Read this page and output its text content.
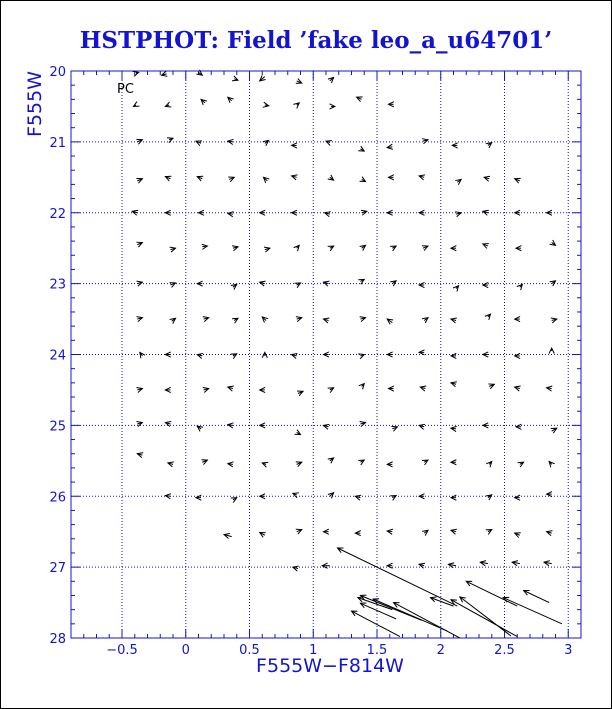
HSTPHOT: Field ’fake leo_a_u64701’
−0.5	0	0.5	1	1.5	2	2.5	3
20
21
22
23
24
25
26
27
28
PC
F555W−F814W
F555W
